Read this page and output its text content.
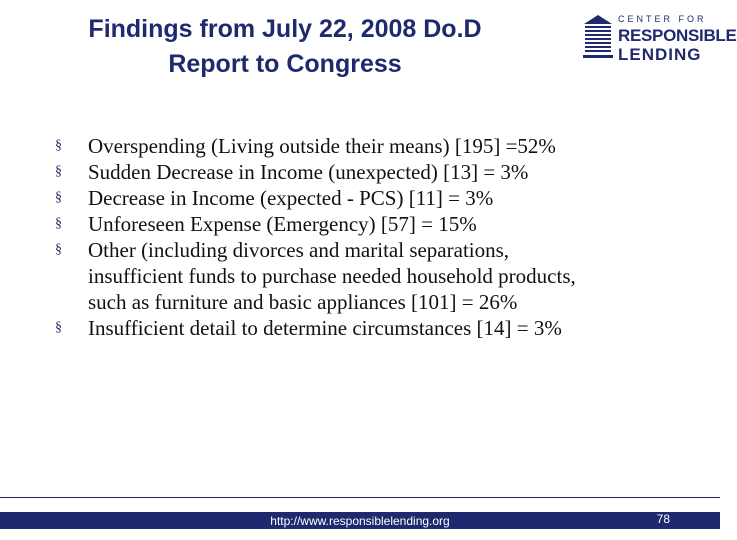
Findings from July 22, 2008 Do.D
Report to Congress
CENTER FOR
RESPONSIBLE
LENDING
§	Overspending (Living outside their means) [195] =52%
§	Sudden Decrease in Income (unexpected) [13] = 3%
§	Decrease in Income (expected - PCS) [11] = 3%
§	Unforeseen Expense (Emergency) [57] = 15%
§	Other (including divorces and marital separations,
insufficient funds to purchase needed household products,
such as furniture and basic appliances [101] = 26%
§	Insufficient detail to determine circumstances [14] = 3%
http://www.responsiblelending.org	78
